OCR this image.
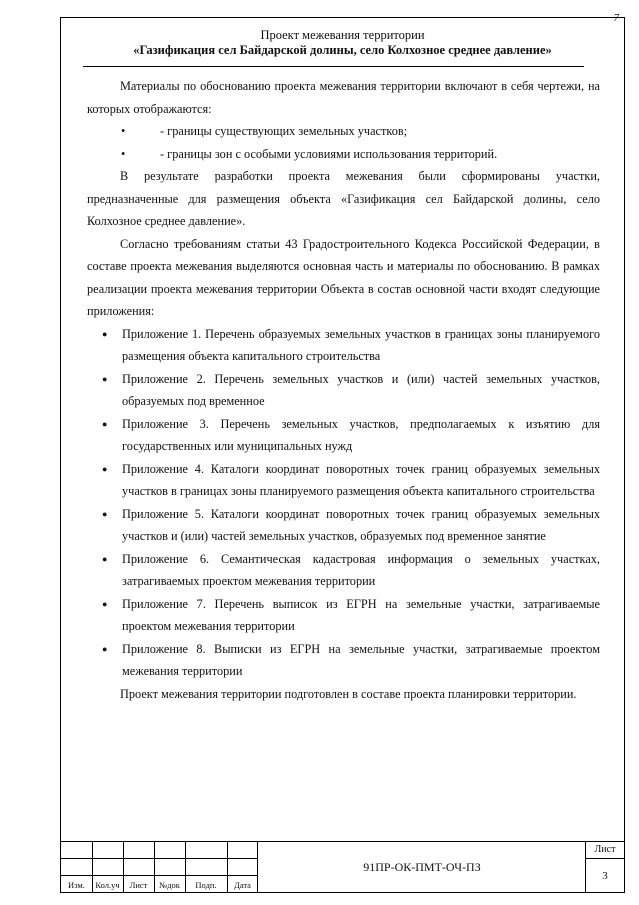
7
Проект межевания территории
«Газификация сел Байдарской долины, село Колхозное среднее давление»

Материалы по обоснованию проекта межевания территории включают в себя чертежи, на которых отображаются:

•	- границы существующих земельных участков;
•	- границы зон с особыми условиями использования территорий.

В результате разработки проекта межевания были сформированы участки, предназначенные для размещения объекта «Газификация сел Байдарской долины, село Колхозное среднее давление».

Согласно требованиям статьи 43 Градостроительного Кодекса Российской Федерации, в составе проекта межевания выделяются основная часть и материалы по обоснованию. В рамках реализации проекта межевания территории Объекта в состав основной части входят следующие приложения:

● Приложение 1. Перечень образуемых земельных участков в границах зоны планируемого размещения объекта капитального строительства
● Приложение 2. Перечень земельных участков и (или) частей земельных участков, образуемых под временное
● Приложение 3. Перечень земельных участков, предполагаемых к изъятию для государственных или муниципальных нужд
● Приложение 4. Каталоги координат поворотных точек границ образуемых земельных участков в границах зоны планируемого размещения объекта капитального строительства
● Приложение 5. Каталоги координат поворотных точек границ образуемых земельных участков и (или) частей земельных участков, образуемых под временное занятие
● Приложение 6. Семантическая кадастровая информация о земельных участках, затрагиваемых проектом межевания территории
● Приложение 7. Перечень выписок из ЕГРН на земельные участки, затрагиваемые проектом межевания территории
● Приложение 8. Выписки из ЕГРН на земельные участки, затрагиваемые проектом межевания территории

Проект межевания территории подготовлен в составе проекта планировки территории.

Изм.	Кол.уч	Лист	№док	Подп.	Дата
91ПР-ОК-ПМТ-ОЧ-ПЗ
Лист
3
